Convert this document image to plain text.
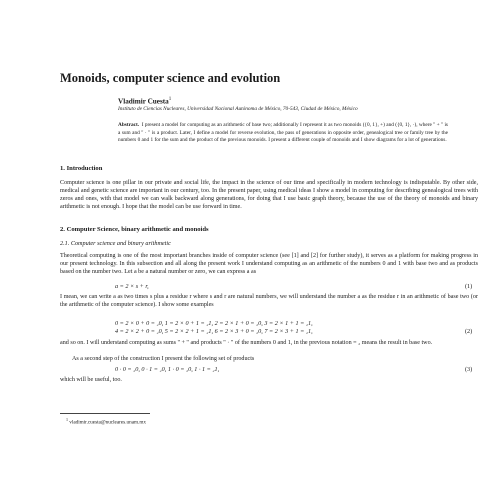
Monoids, computer science and evolution
Vladimir Cuesta$^1$
Instituto de Ciencias Nucleares, Universidad Nacional Autónoma de México, 70-543, Ciudad de México, México
Abstract. I present a model for computing as an arithmetic of base two; additionally I represent it as two monoids ({0, 1}, +) and ({0, 1}, ·), where " + " is a sum and " · " is a product. Later, I define a model for reverse evolution, the pass of generations in opposite order, genealogical tree or family tree by the numbers 0 and 1 for the sum and the product of the previous monoids. I present a different couple of monoids and I show diagrams for a lot of generations.
1. Introduction
Computer science is one pillar in our private and social life, the impact in the science of our time and specifically in modern technology is indisputable. By other side, medical and genetic science are important in our century, too. In the present paper, using medical ideas I show a model in computing for describing genealogical trees with zeros and ones, with that model we can walk backward along generations, for doing that I use basic graph theory, because the use of the theory of monoids and binary arithmetic is not enough. I hope that the model can be use forward in time.
2. Computer Science, binary arithmetic and monoids
2.1. Computer science and binary arithmetic
Theoretical computing is one of the most important branches inside of computer science (see [1] and [2] for further study), it serves as a platform for making progress in our present technology. In this subsection and all along the present work I understand computing as an arithmetic of the numbers 0 and 1 with base two and as products based on the number two. Let a be a natural number or zero, we can express a as
a = 2 × s + r,	(1)
I mean, we can write a as two times s plus a residue r where s and r are natural numbers, we will understand the number a as the residue r in an arithmetic of base two (or the arithmetic of the computer science). I show some examples
0 = 2 × 0 + 0 = ₂0, 1 = 2 × 0 + 1 = ₂1, 2 = 2 × 1 + 0 = ₂0, 3 = 2 × 1 + 1 = ₂1,
4 = 2 × 2 + 0 = ₂0, 5 = 2 × 2 + 1 = ₂1, 6 = 2 × 3 + 0 = ₂0, 7 = 2 × 3 + 1 = ₂1,	(2)
and so on. I will understand computing as sums " + " and products " · " of the numbers 0 and 1, in the previous notation = ₂ means the result in base two.
As a second step of the construction I present the following set of products
0 · 0 = ₂0, 0 · 1 = ₂0, 1 · 0 = ₂0, 1 · 1 = ₂1,	(3)
which will be useful, too.
$^1$ vladimir.cuesta@nucleares.unam.mx
